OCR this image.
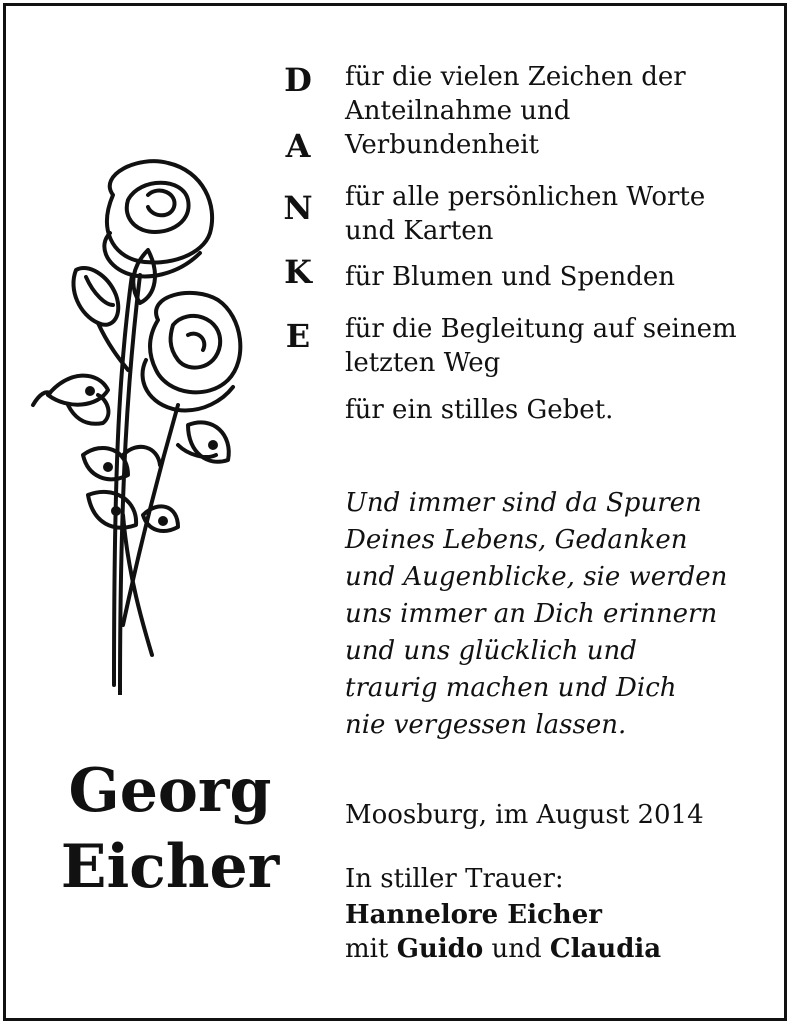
D
A
N
K
E
für die vielen Zeichen der
Anteilnahme und
Verbundenheit
für alle persönlichen Worte
und Karten
für Blumen und Spenden
für die Begleitung auf seinem
letzten Weg
für ein stilles Gebet.
Und immer sind da Spuren
Deines Lebens, Gedanken
und Augenblicke, sie werden
uns immer an Dich erinnern
und uns glücklich und
traurig machen und Dich
nie vergessen lassen.
Georg
Eicher
Moosburg, im August 2014
In stiller Trauer:
Hannelore Eicher
mit Guido und Claudia
